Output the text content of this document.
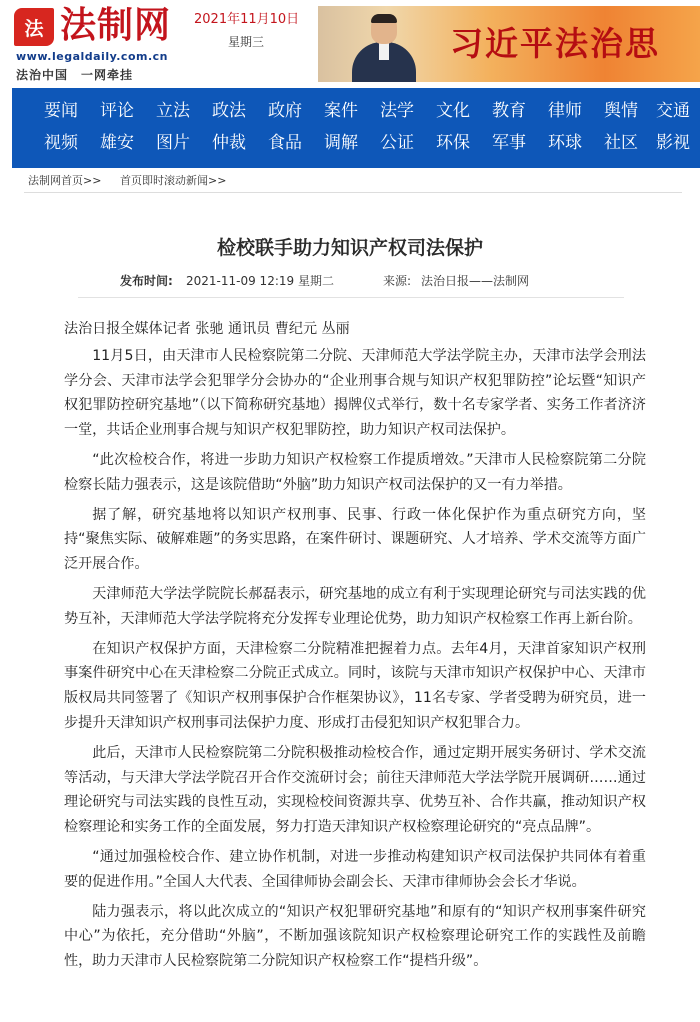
法 法制网
www.legaldaily.com.cn
法治中国　一网牵挂
2021年11月10日
星期三	习近平法治思
要闻	评论	立法	政法	政府	案件	法学	文化	教育	律师	舆情	交通
视频	雄安	图片	仲裁	食品	调解	公证	环保	军事	环球	社区	影视
法制网首页>> 首页即时滚动新闻>>
检校联手助力知识产权司法保护
发布时间: 2021-11-09 12:19 星期二	来源: 法治日报——法制网

法治日报全媒体记者 张驰 通讯员 曹纪元 丛丽

11月5日，由天津市人民检察院第二分院、天津师范大学法学院主办，天津市法学会刑法学分会、天津市法学会犯罪学分会协办的“企业刑事合规与知识产权犯罪防控”论坛暨“知识产权犯罪防控研究基地”（以下简称研究基地）揭牌仪式举行，数十名专家学者、实务工作者济济一堂，共话企业刑事合规与知识产权犯罪防控，助力知识产权司法保护。

“此次检校合作，将进一步助力知识产权检察工作提质增效。”天津市人民检察院第二分院检察长陆力强表示，这是该院借助“外脑”助力知识产权司法保护的又一有力举措。

据了解，研究基地将以知识产权刑事、民事、行政一体化保护作为重点研究方向，坚持“聚焦实际、破解难题”的务实思路，在案件研讨、课题研究、人才培养、学术交流等方面广泛开展合作。

天津师范大学法学院院长郝磊表示，研究基地的成立有利于实现理论研究与司法实践的优势互补，天津师范大学法学院将充分发挥专业理论优势，助力知识产权检察工作再上新台阶。

在知识产权保护方面，天津检察二分院精准把握着力点。去年4月，天津首家知识产权刑事案件研究中心在天津检察二分院正式成立。同时，该院与天津市知识产权保护中心、天津市版权局共同签署了《知识产权刑事保护合作框架协议》，11名专家、学者受聘为研究员，进一步提升天津知识产权刑事司法保护力度、形成打击侵犯知识产权犯罪合力。

此后，天津市人民检察院第二分院积极推动检校合作，通过定期开展实务研讨、学术交流等活动，与天津大学法学院召开合作交流研讨会；前往天津师范大学法学院开展调研……通过理论研究与司法实践的良性互动，实现检校间资源共享、优势互补、合作共赢，推动知识产权检察理论和实务工作的全面发展，努力打造天津知识产权检察理论研究的“亮点品牌”。

“通过加强检校合作、建立协作机制，对进一步推动构建知识产权司法保护共同体有着重要的促进作用。”全国人大代表、全国律师协会副会长、天津市律师协会会长才华说。

陆力强表示，将以此次成立的“知识产权犯罪研究基地”和原有的“知识产权刑事案件研究中心”为依托，充分借助“外脑”，不断加强该院知识产权检察理论研究工作的实践性及前瞻性，助力天津市人民检察院第二分院知识产权检察工作“提档升级”。
